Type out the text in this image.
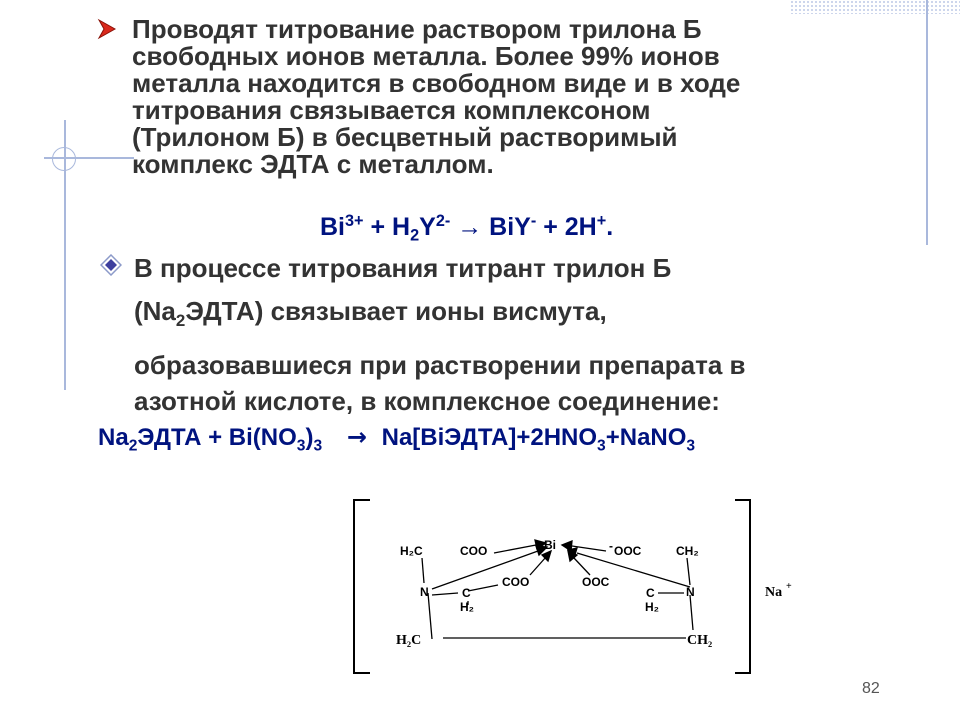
Проводят титрование раствором трилона Б
свободных ионов металла. Более 99% ионов
металла находится в свободном виде и в ходе
титрования связывается комплексоном
(Трилоном Б) в бесцветный растворимый
комплекс ЭДТА с металлом.
$Bi^{3+} + H_2Y^{2-} \to BiY^- + 2H^+$.
В процессе титрования титрант трилон Б
$(Na_2ЭДТА)$ связывает ионы висмута,
образовавшиеся при растворении препарата в
азотной кислоте, в комплексное соединение:
$Na_2ЭДТА + Bi(NO_3)_3$ → $Na[BiЭДТА]+2HNO_3+NaNO_3$
Bi
H₂C	COO	- OOC	CH₂
N	N
COO	OOC
C
H₂
C
H₂
H₂C	CH₂
Na +
82
